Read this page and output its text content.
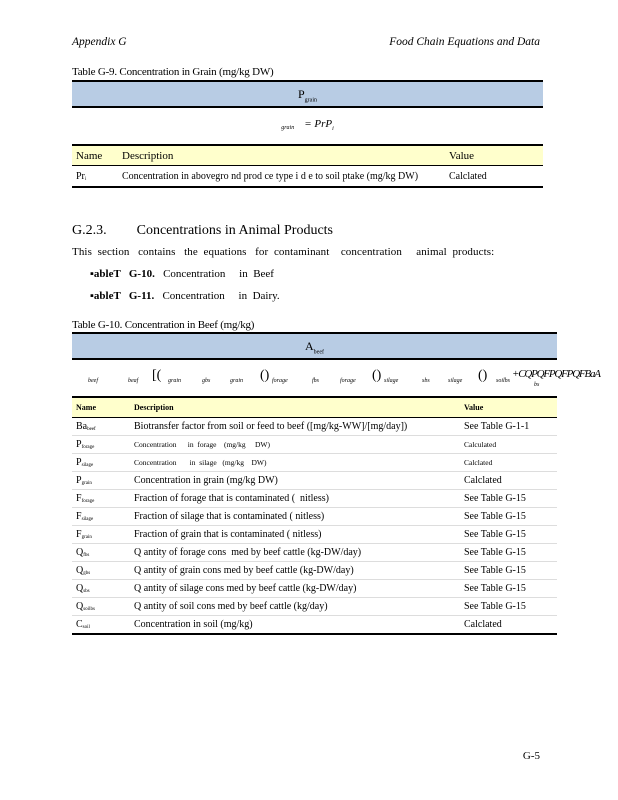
Appendix G	Food Chain Equations and Data
Table G-9. Concentration in Grain (mg/kg DW)
$P_{grain}$
$_{grain}$ $_{= PrPi}$
Name	Description	Value
Pri	Concentration in abovegro nd prod ce type i d e to soil ptake (mg/kg DW)	Calclated
G.2.3. Concentrations in Animal Products
This  section   contains   the  equations   for  contaminant    concentration     animal  products:
▪ableT   G-10.   Concentration     in  Beef
▪ableT   G-11.   Concentration     in  Dairy.
Table G-10. Concentration in Beef (mg/kg)
$A_{beef}$
beef	beaf [( grain	gbs	grain () forage	fbs	forage () silage	sbs	silage () soilbs
+CQPQFPQFPQFBaA
bs
Name	Description	Value
Babeef	Biotransfer factor from soil or feed to beef ([mg/kg-WW]/[mg/day])	See Table G-1-1
Pforage	Concentration      in  forage    (mg/kg     DW)	Calculated
Psilage	Concentration       in  silage   (mg/kg    DW)	Calclated
Pgrain	Concentration in grain (mg/kg DW)	Calclated
Fforage	Fraction of forage that is contaminated (  nitless)	See Table G-15
Fsilage	Fraction of silage that is contaminated ( nitless)	See Table G-15
Fgrain	Fraction of grain that is contaminated ( nitless)	See Table G-15
Qfbs	Q antity of forage cons  med by beef cattle (kg-DW/day)	See Table G-15
Qgbs	Q antity of grain cons med by beef cattle (kg-DW/day)	See Table G-15
Qsbs	Q antity of silage cons med by beef cattle (kg-DW/day)	See Table G-15
Qsoilbs	Q antity of soil cons med by beef cattle (kg/day)	See Table G-15
Csoil	Concentration in soil (mg/kg)	Calclated
G-5
